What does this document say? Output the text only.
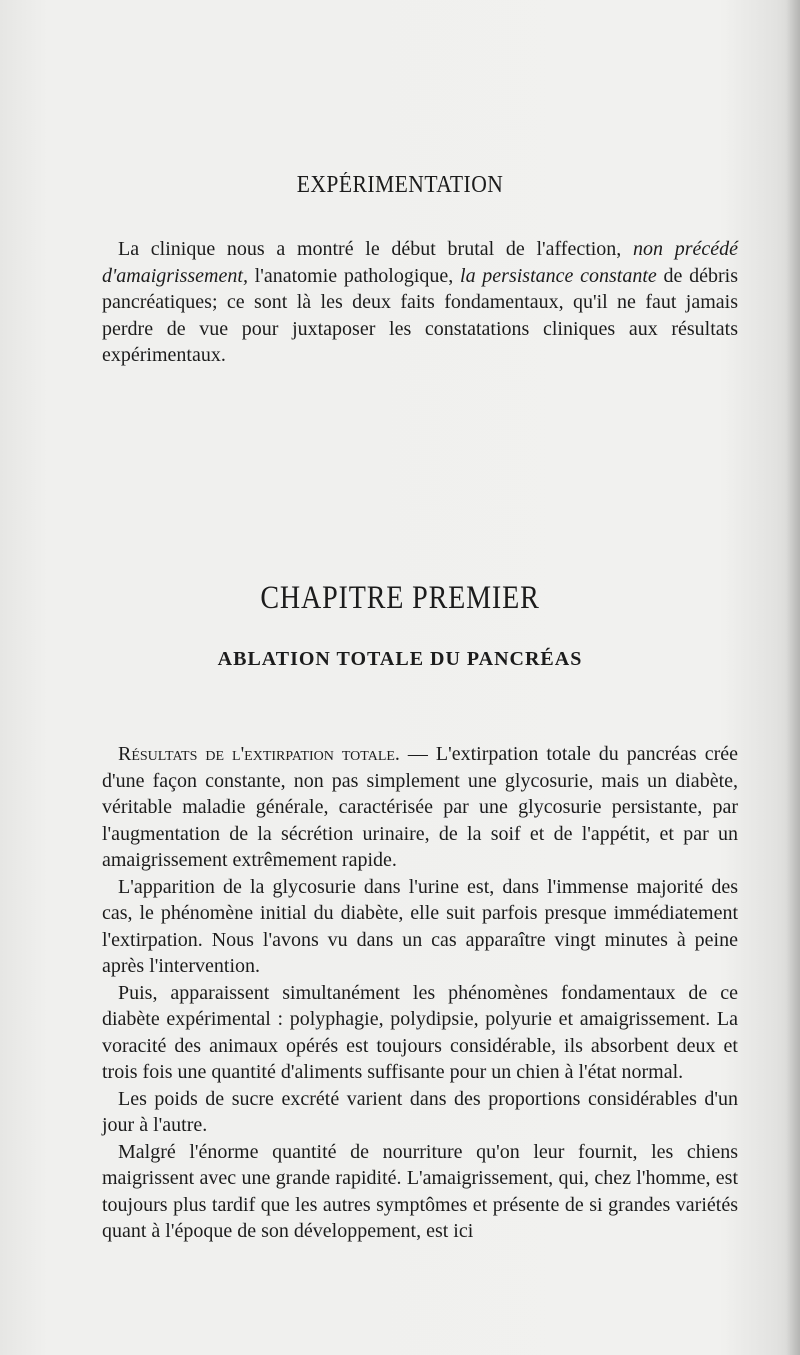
EXPÉRIMENTATION

La clinique nous a montré le début brutal de l'affection, non précédé d'amaigrissement, l'anatomie pathologique, la persistance constante de débris pancréatiques; ce sont là les deux faits fondamentaux, qu'il ne faut jamais perdre de vue pour juxtaposer les constatations cliniques aux résultats expérimentaux.

CHAPITRE PREMIER
ABLATION TOTALE DU PANCRÉAS

Résultats de l'extirpation totale. — L'extirpation totale du pancréas crée d'une façon constante, non pas simplement une glycosurie, mais un diabète, véritable maladie générale, caractérisée par une glycosurie persistante, par l'augmentation de la sécrétion urinaire, de la soif et de l'appétit, et par un amaigrissement extrêmement rapide.

L'apparition de la glycosurie dans l'urine est, dans l'immense majorité des cas, le phénomène initial du diabète, elle suit parfois presque immédiatement l'extirpation. Nous l'avons vu dans un cas apparaître vingt minutes à peine après l'intervention.

Puis, apparaissent simultanément les phénomènes fondamentaux de ce diabète expérimental : polyphagie, polydipsie, polyurie et amaigrissement. La voracité des animaux opérés est toujours considérable, ils absorbent deux et trois fois une quantité d'aliments suffisante pour un chien à l'état normal.

Les poids de sucre excrété varient dans des proportions considérables d'un jour à l'autre.

Malgré l'énorme quantité de nourriture qu'on leur fournit, les chiens maigrissent avec une grande rapidité. L'amaigrissement, qui, chez l'homme, est toujours plus tardif que les autres symptômes et présente de si grandes variétés quant à l'époque de son développement, est ici
